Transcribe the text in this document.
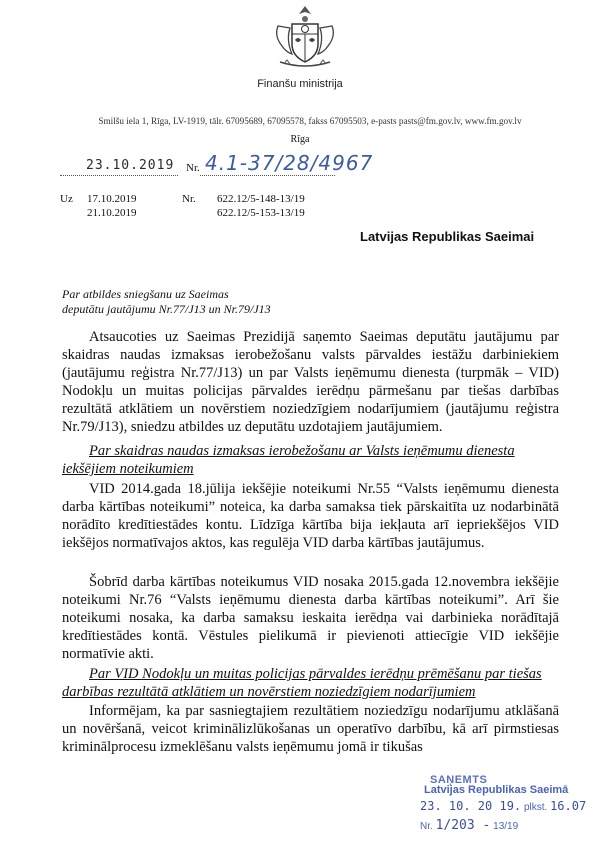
Finanšu ministrija
Smilšu iela 1, Rīga, LV-1919, tālr. 67095689, 67095578, fakss 67095503, e-pasts pasts@fm.gov.lv, www.fm.gov.lv
Rīga
23.10.2019 Nr. 4.1-37/28/4967
Uz 17.10.2019
21.10.2019
Nr. 622.12/5-148-13/19
622.12/5-153-13/19
Latvijas Republikas Saeimai
Par atbildes sniegšanu uz Saeimas
deputātu jautājumu Nr.77/J13 un Nr.79/J13
Atsaucoties uz Saeimas Prezidijā saņemto Saeimas deputātu jautājumu par skaidras naudas izmaksas ierobežošanu valsts pārvaldes iestāžu darbiniekiem (jautājumu reģistra Nr.77/J13) un par Valsts ieņēmumu dienesta (turpmāk – VID) Nodokļu un muitas policijas pārvaldes ierēdņu pārmešanu par tiešas darbības rezultātā atklātiem un novērstiem noziedzīgiem nodarījumiem (jautājumu reģistra Nr.79/J13), sniedzu atbildes uz deputātu uzdotajiem jautājumiem.
Par skaidras naudas izmaksas ierobežošanu ar Valsts ieņēmumu dienesta iekšējiem noteikumiem
VID 2014.gada 18.jūlija iekšējie noteikumi Nr.55 “Valsts ieņēmumu dienesta darba kārtības noteikumi” noteica, ka darba samaksa tiek pārskaitīta uz nodarbinātā norādīto kredītiestādes kontu. Līdzīga kārtība bija iekļauta arī iepriekšējos VID iekšējos normatīvajos aktos, kas regulēja VID darba kārtības jautājumus.
Šobrīd darba kārtības noteikumus VID nosaka 2015.gada 12.novembra iekšējie noteikumi Nr.76 “Valsts ieņēmumu dienesta darba kārtības noteikumi”. Arī šie noteikumi nosaka, ka darba samaksu ieskaita ierēdņa vai darbinieka norādītajā kredītiestādes kontā. Vēstules pielikumā ir pievienoti attiecīgie VID iekšējie normatīvie akti.
Par VID Nodokļu un muitas policijas pārvaldes ierēdņu prēmēšanu par tiešas darbības rezultātā atklātiem un novērstiem noziedzīgiem nodarījumiem
Informējam, ka par sasniegtajiem rezultātiem noziedzīgu nodarījumu atklāšanā un novēršanā, veicot kriminālizlūkošanas un operatīvo darbību, kā arī pirmstiesas kriminālprocesu izmeklēšanu valsts ieņēmumu jomā ir tikušas
SAŅEMTS
Latvijas Republikas Saeimā
23. 10. 20 19. plkst. 16.07
Nr. 1/203 - 13/19
